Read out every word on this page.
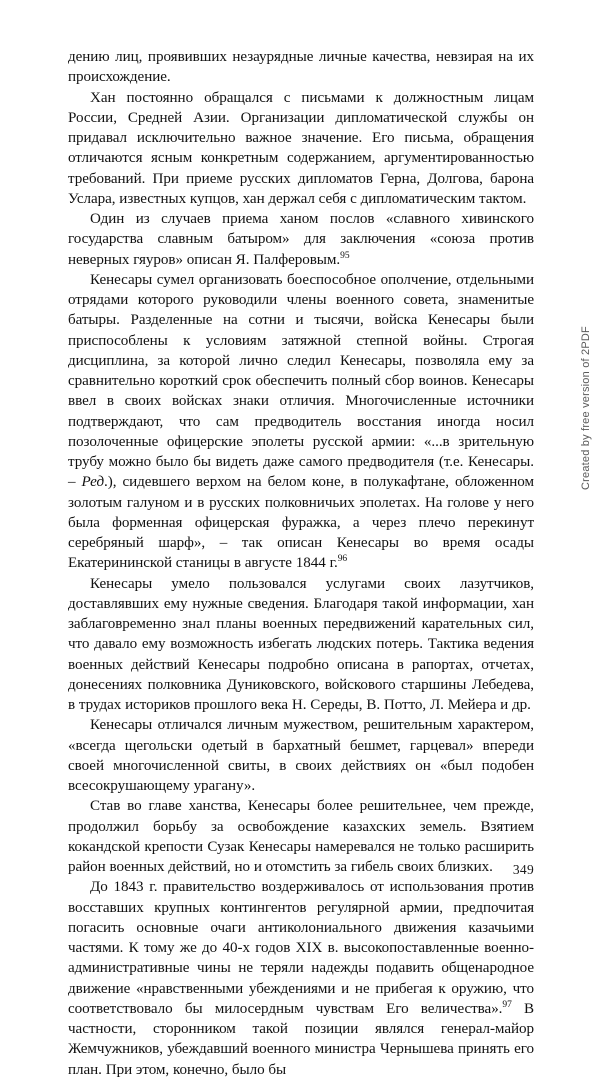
дению лиц, проявивших незаурядные личные качества, невзирая на их происхождение.

Хан постоянно обращался с письмами к должностным лицам России, Средней Азии. Организации дипломатической службы он придавал исключительно важное значение. Его письма, обращения отличаются ясным конкретным содержанием, аргументированностью требований. При приеме русских дипломатов Герна, Долгова, барона Услара, известных купцов, хан держал себя с дипломатическим тактом.

Один из случаев приема ханом послов «славного хивинского государства славным батыром» для заключения «союза против неверных гяуров» описан Я. Палферовым.$^{95}$

Кенесары сумел организовать боеспособное ополчение, отдельными отрядами которого руководили члены военного совета, знаменитые батыры. Разделенные на сотни и тысячи, войска Кенесары были приспособлены к условиям затяжной степной войны. Строгая дисциплина, за которой лично следил Кенесары, позволяла ему за сравнительно короткий срок обеспечить полный сбор воинов. Кенесары ввел в своих войсках знаки отличия. Многочисленные источники подтверждают, что сам предводитель восстания иногда носил позолоченные офицерские эполеты русской армии: «...в зрительную трубу можно было бы видеть даже самого предводителя (т.е. Кенесары. – Ред.), сидевшего верхом на белом коне, в полукафтане, обложенном золотым галуном и в русских полковничьих эполетах. На голове у него была форменная офицерская фуражка, а через плечо перекинут серебряный шарф», – так описан Кенесары во время осады Екатерининской станицы в августе 1844 г.$^{96}$

Кенесары умело пользовался услугами своих лазутчиков, доставлявших ему нужные сведения. Благодаря такой информации, хан заблаговременно знал планы военных передвижений карательных сил, что давало ему возможность избегать людских потерь. Тактика ведения военных действий Кенесары подробно описана в рапортах, отчетах, донесениях полковника Дуниковского, войскового старшины Лебедева, в трудах историков прошлого века Н. Середы, В. Потто, Л. Мейера и др.

Кенесары отличался личным мужеством, решительным характером, «всегда щегольски одетый в бархатный бешмет, гарцевал» впереди своей многочисленной свиты, в своих действиях он «был подобен всесокрушающему урагану».

Став во главе ханства, Кенесары более решительнее, чем прежде, продолжил борьбу за освобождение казахских земель. Взятием кокандской крепости Сузак Кенесары намеревался не только расширить район военных действий, но и отомстить за гибель своих близких.

До 1843 г. правительство воздерживалось от использования против восставших крупных контингентов регулярной армии, предпочитая погасить основные очаги антиколониального движения казачьими частями. К тому же до 40-х годов XIX в. высокопоставленные военно-административные чины не теряли надежды подавить общенародное движение «нравственными убеждениями и не прибегая к оружию, что соответствовало бы милосердным чувствам Его величества».$^{97}$ В частности, сторонником такой позиции являлся генерал-майор Жемчужников, убеждавший военного министра Чернышева принять его план. При этом, конечно, было бы

Created by free version of 2PDF
349
